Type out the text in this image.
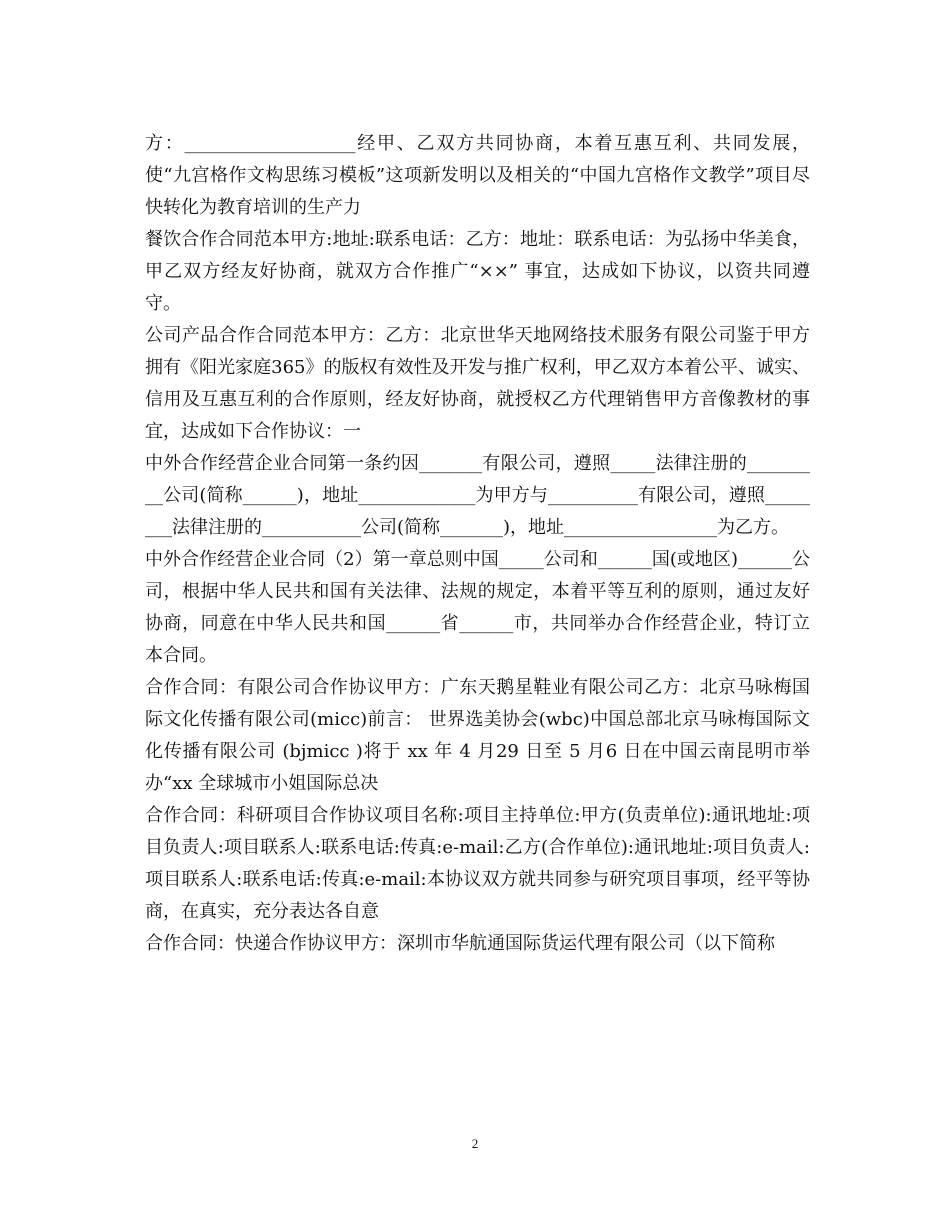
方：___________________经甲、乙双方共同协商，本着互惠互利、共同发展，使“九宫格作文构思练习模板”这项新发明以及相关的“中国九宫格作文教学”项目尽快转化为教育培训的生产力

餐饮合作合同范本甲方:地址:联系电话：乙方：地址：联系电话：为弘扬中华美食，甲乙双方经友好协商，就双方合作推广“××” 事宜，达成如下协议，以资共同遵守。

公司产品合作合同范本甲方：乙方：北京世华天地网络技术服务有限公司鉴于甲方拥有《阳光家庭365》的版权有效性及开发与推广权利，甲乙双方本着公平、诚实、信用及互惠互利的合作原则，经友好协商，就授权乙方代理销售甲方音像教材的事宜，达成如下合作协议：一

中外合作经营企业合同第一条约因_______有限公司，遵照_____法律注册的_________公司(简称______)，地址_____________为甲方与__________有限公司，遵照________法律注册的___________公司(简称_______)，地址_________________为乙方。

中外合作经营企业合同（2）第一章总则中国_____公司和______国(或地区)______公司，根据中华人民共和国有关法律、法规的规定，本着平等互利的原则，通过友好协商，同意在中华人民共和国______省______市，共同举办合作经营企业，特订立本合同。

合作合同：有限公司合作协议甲方：广东天鹅星鞋业有限公司乙方：北京马咏梅国际文化传播有限公司(micc)前言： 世界选美协会(wbc)中国总部北京马咏梅国际文化传播有限公司 (bjmicc )将于 xx 年 4 月29 日至 5 月6 日在中国云南昆明市举办“xx 全球城市小姐国际总决

合作合同：科研项目合作协议项目名称:项目主持单位:甲方(负责单位):通讯地址:项目负责人:项目联系人:联系电话:传真:e-mail:乙方(合作单位):通讯地址:项目负责人:项目联系人:联系电话:传真:e-mail:本协议双方就共同参与研究项目事项，经平等协商，在真实，充分表达各自意

合作合同：快递合作协议甲方：深圳市华航通国际货运代理有限公司（以下简称

2
